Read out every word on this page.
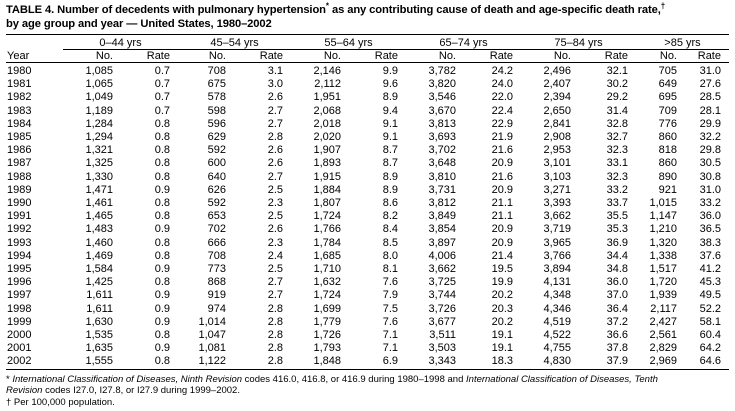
TABLE 4. Number of decedents with pulmonary hypertension* as any contributing cause of death and age-specific death rate,†
by age group and year — United States, 1980–2002

	0–44 yrs		45–54 yrs		55–64 yrs		65–74 yrs		75–84 yrs		>85 yrs	
Year	No.	Rate	No.	Rate	No.	Rate	No.	Rate	No.	Rate	No.	Rate

1980	1,085	0.7	708	3.1	2,146	9.9	3,782	24.2	2,496	32.1	705	31.0
1981	1,065	0.7	675	3.0	2,112	9.6	3,820	24.0	2,407	30.2	649	27.6
1982	1,049	0.7	578	2.6	1,951	8.9	3,546	22.0	2,394	29.2	695	28.5
1983	1,189	0.7	598	2.7	2,068	9.4	3,670	22.4	2,650	31.4	709	28.1
1984	1,284	0.8	596	2.7	2,018	9.1	3,813	22.9	2,841	32.8	776	29.9
1985	1,294	0.8	629	2.8	2,020	9.1	3,693	21.9	2,908	32.7	860	32.2
1986	1,321	0.8	592	2.6	1,907	8.7	3,702	21.6	2,953	32.3	818	29.8
1987	1,325	0.8	600	2.6	1,893	8.7	3,648	20.9	3,101	33.1	860	30.5
1988	1,330	0.8	640	2.7	1,915	8.9	3,810	21.6	3,103	32.3	890	30.8
1989	1,471	0.9	626	2.5	1,884	8.9	3,731	20.9	3,271	33.2	921	31.0
1990	1,461	0.8	592	2.3	1,807	8.6	3,812	21.1	3,393	33.7	1,015	33.2
1991	1,465	0.8	653	2.5	1,724	8.2	3,849	21.1	3,662	35.5	1,147	36.0
1992	1,483	0.9	702	2.6	1,766	8.4	3,854	20.9	3,719	35.3	1,210	36.5
1993	1,460	0.8	666	2.3	1,784	8.5	3,897	20.9	3,965	36.9	1,320	38.3
1994	1,469	0.8	708	2.4	1,685	8.0	4,006	21.4	3,766	34.4	1,338	37.6
1995	1,584	0.9	773	2.5	1,710	8.1	3,662	19.5	3,894	34.8	1,517	41.2
1996	1,425	0.8	868	2.7	1,632	7.6	3,725	19.9	4,131	36.0	1,720	45.3
1997	1,611	0.9	919	2.7	1,724	7.9	3,744	20.2	4,348	37.0	1,939	49.5
1998	1,611	0.9	974	2.8	1,699	7.5	3,726	20.3	4,346	36.4	2,117	52.2
1999	1,630	0.9	1,014	2.8	1,779	7.6	3,677	20.2	4,519	37.2	2,427	58.1
2000	1,535	0.8	1,047	2.8	1,726	7.1	3,511	19.1	4,522	36.6	2,561	60.4
2001	1,635	0.9	1,081	2.8	1,793	7.1	3,503	19.1	4,755	37.8	2,829	64.2
2002	1,555	0.8	1,122	2.8	1,848	6.9	3,343	18.3	4,830	37.9	2,969	64.6

* International Classification of Diseases, Ninth Revision codes 416.0, 416.8, or 416.9 during 1980–1998 and International Classification of Diseases, Tenth
Revision codes I27.0, I27.8, or I27.9 during 1999–2002.
† Per 100,000 population.
